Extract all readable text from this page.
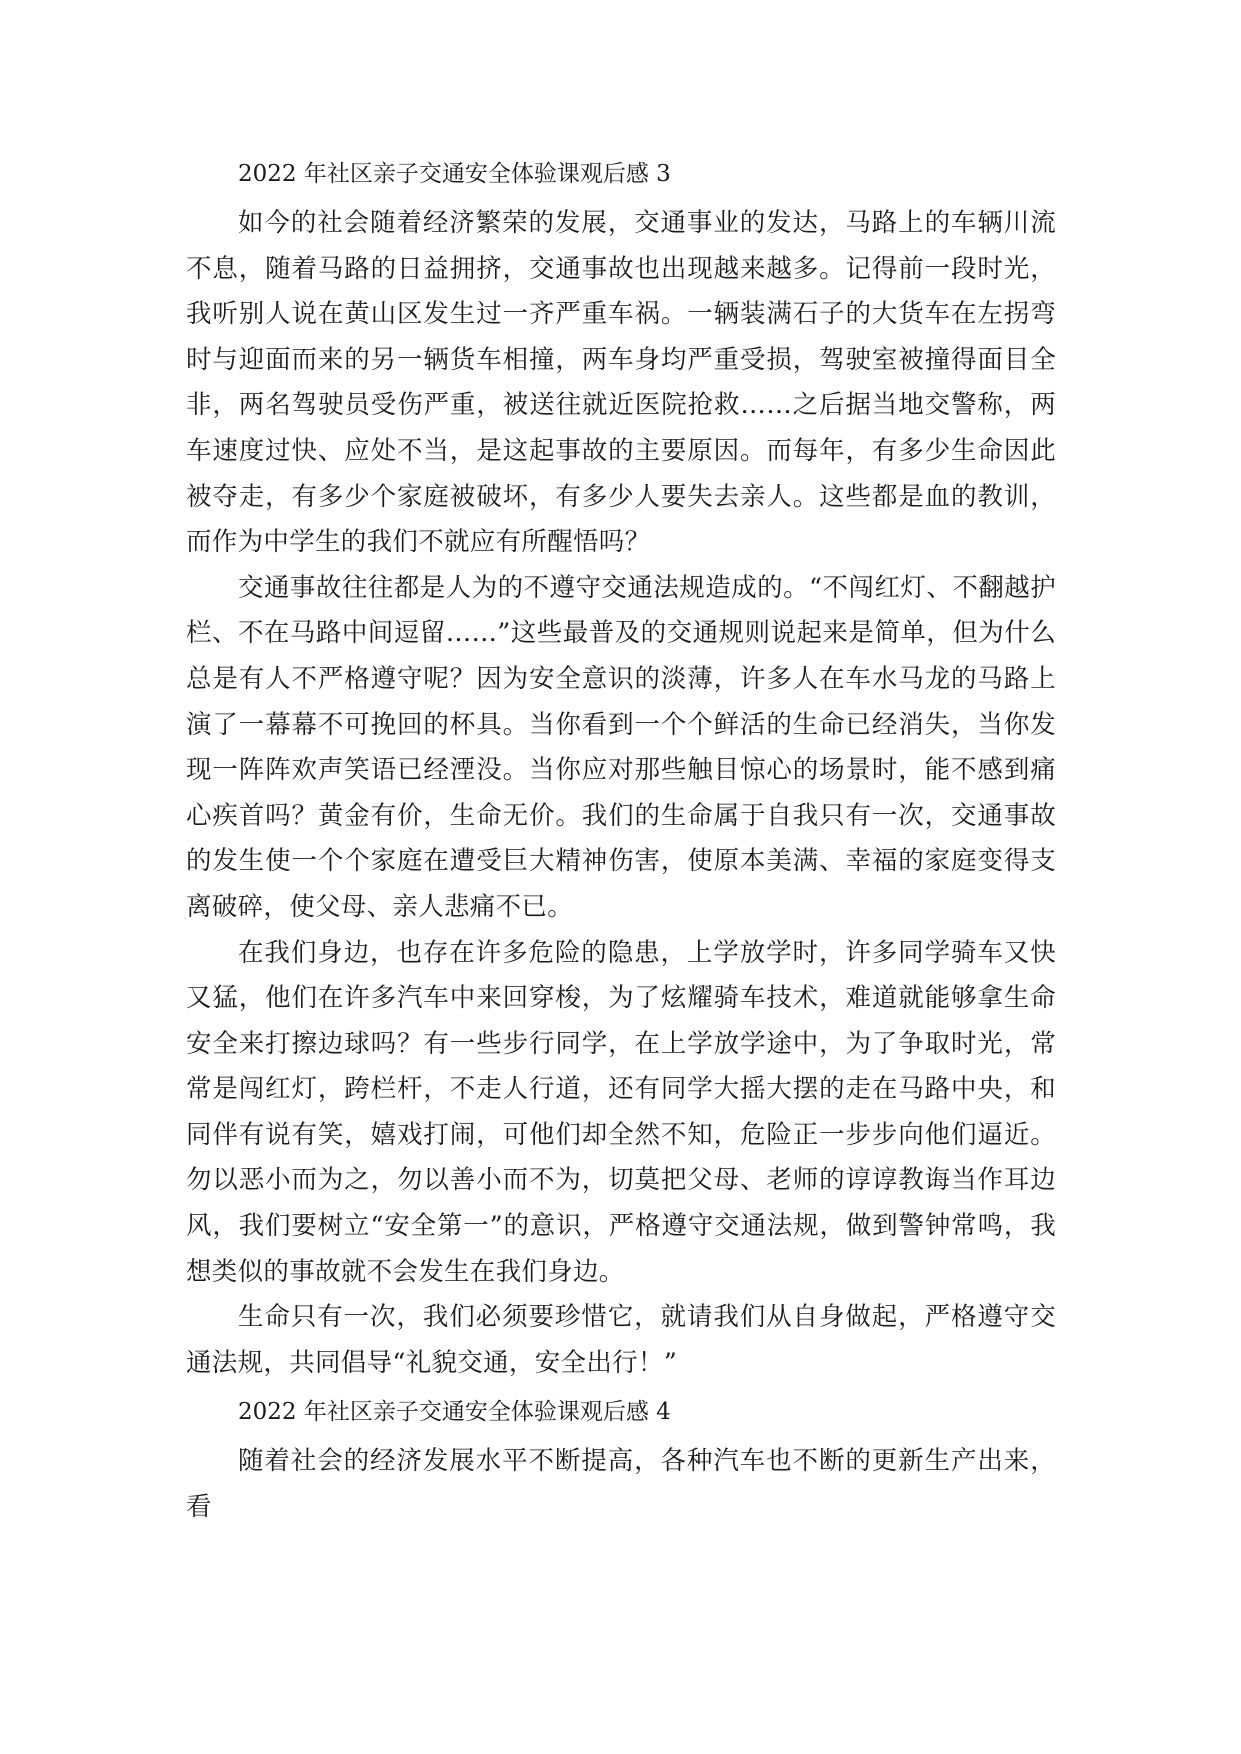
2022 年社区亲子交通安全体验课观后感 3

如今的社会随着经济繁荣的发展，交通事业的发达，马路上的车辆川流不息，随着马路的日益拥挤，交通事故也出现越来越多。记得前一段时光，我听别人说在黄山区发生过一齐严重车祸。一辆装满石子的大货车在左拐弯时与迎面而来的另一辆货车相撞，两车身均严重受损，驾驶室被撞得面目全非，两名驾驶员受伤严重，被送往就近医院抢救……之后据当地交警称，两车速度过快、应处不当，是这起事故的主要原因。而每年，有多少生命因此被夺走，有多少个家庭被破坏，有多少人要失去亲人。这些都是血的教训，而作为中学生的我们不就应有所醒悟吗？

交通事故往往都是人为的不遵守交通法规造成的。“不闯红灯、不翻越护栏、不在马路中间逗留……”这些最普及的交通规则说起来是简单，但为什么总是有人不严格遵守呢？因为安全意识的淡薄，许多人在车水马龙的马路上演了一幕幕不可挽回的杯具。当你看到一个个鲜活的生命已经消失，当你发现一阵阵欢声笑语已经湮没。当你应对那些触目惊心的场景时，能不感到痛心疾首吗？黄金有价，生命无价。我们的生命属于自我只有一次，交通事故的发生使一个个家庭在遭受巨大精神伤害，使原本美满、幸福的家庭变得支离破碎，使父母、亲人悲痛不已。

在我们身边，也存在许多危险的隐患，上学放学时，许多同学骑车又快又猛，他们在许多汽车中来回穿梭，为了炫耀骑车技术，难道就能够拿生命安全来打擦边球吗？有一些步行同学，在上学放学途中，为了争取时光，常常是闯红灯，跨栏杆，不走人行道，还有同学大摇大摆的走在马路中央，和同伴有说有笑，嬉戏打闹，可他们却全然不知，危险正一步步向他们逼近。勿以恶小而为之，勿以善小而不为，切莫把父母、老师的谆谆教诲当作耳边风，我们要树立“安全第一”的意识，严格遵守交通法规，做到警钟常鸣，我想类似的事故就不会发生在我们身边。

生命只有一次，我们必须要珍惜它，就请我们从自身做起，严格遵守交通法规，共同倡导“礼貌交通，安全出行！”

2022 年社区亲子交通安全体验课观后感 4

随着社会的经济发展水平不断提高，各种汽车也不断的更新生产出来，看
